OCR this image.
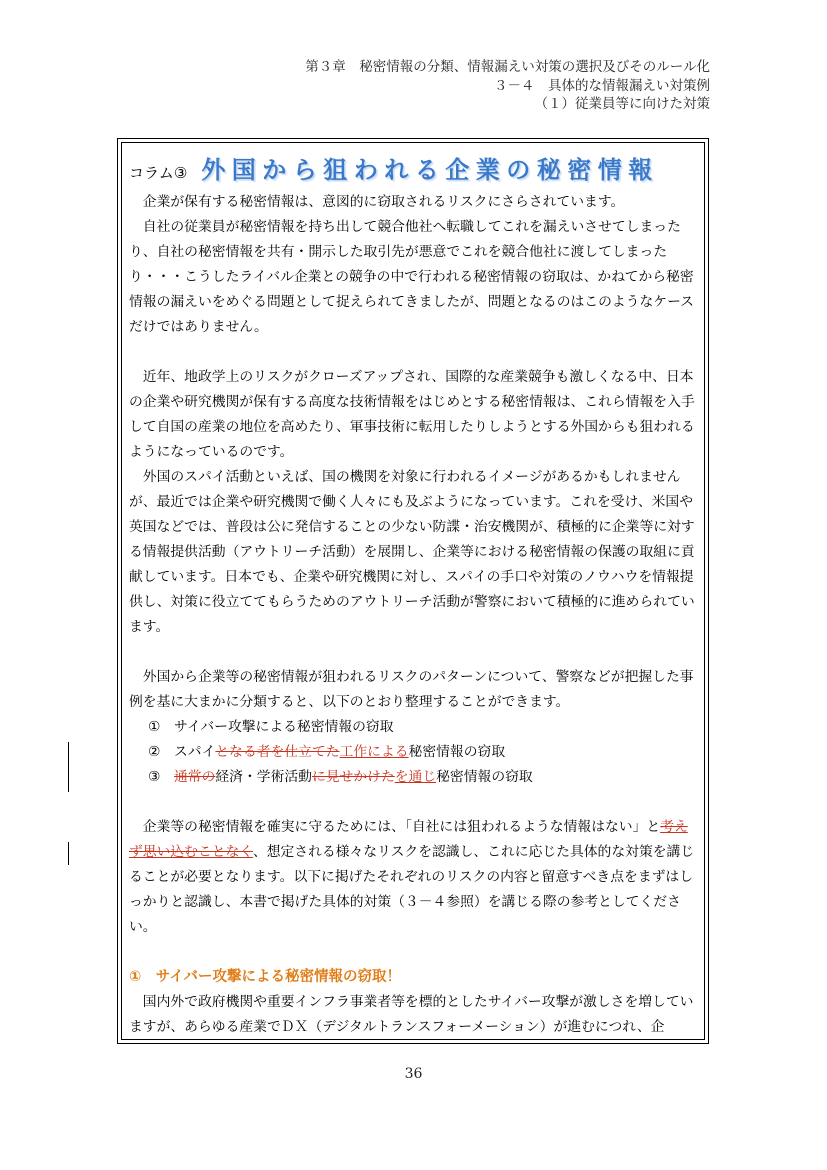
第３章　秘密情報の分類、情報漏えい対策の選択及びそのルール化
３－４　具体的な情報漏えい対策例
（１）従業員等に向けた対策
コラム③ 外国から狙われる企業の秘密情報

企業が保有する秘密情報は、意図的に窃取されるリスクにさらされています。

自社の従業員が秘密情報を持ち出して競合他社へ転職してこれを漏えいさせてしまったり、自社の秘密情報を共有・開示した取引先が悪意でこれを競合他社に渡してしまったり・・・こうしたライバル企業との競争の中で行われる秘密情報の窃取は、かねてから秘密情報の漏えいをめぐる問題として捉えられてきましたが、問題となるのはこのようなケースだけではありません。

近年、地政学上のリスクがクローズアップされ、国際的な産業競争も激しくなる中、日本の企業や研究機関が保有する高度な技術情報をはじめとする秘密情報は、これら情報を入手して自国の産業の地位を高めたり、軍事技術に転用したりしようとする外国からも狙われるようになっているのです。

外国のスパイ活動といえば、国の機関を対象に行われるイメージがあるかもしれませんが、最近では企業や研究機関で働く人々にも及ぶようになっています。これを受け、米国や英国などでは、普段は公に発信することの少ない防諜・治安機関が、積極的に企業等に対する情報提供活動（アウトリーチ活動）を展開し、企業等における秘密情報の保護の取組に貢献しています。日本でも、企業や研究機関に対し、スパイの手口や対策のノウハウを情報提供し、対策に役立ててもらうためのアウトリーチ活動が警察において積極的に進められています。

外国から企業等の秘密情報が狙われるリスクのパターンについて、警察などが把握した事例を基に大まかに分類すると、以下のとおり整理することができます。

① サイバー攻撃による秘密情報の窃取
② スパイとなる者を仕立てた工作による秘密情報の窃取
③ 通常の経済・学術活動に見せかけたを通じ秘密情報の窃取

企業等の秘密情報を確実に守るためには、「自社には狙われるような情報はない」と考えず思い込むことなく、想定される様々なリスクを認識し、これに応じた具体的な対策を講じることが必要となります。以下に掲げたそれぞれのリスクの内容と留意すべき点をまずはしっかりと認識し、本書で掲げた具体的対策（３－４参照）を講じる際の参考としてください。

①　サイバー攻撃による秘密情報の窃取！

国内外で政府機関や重要インフラ事業者等を標的としたサイバー攻撃が激しさを増していますが、あらゆる産業でＤＸ（デジタルトランスフォーメーション）が進むにつれ、企

36
